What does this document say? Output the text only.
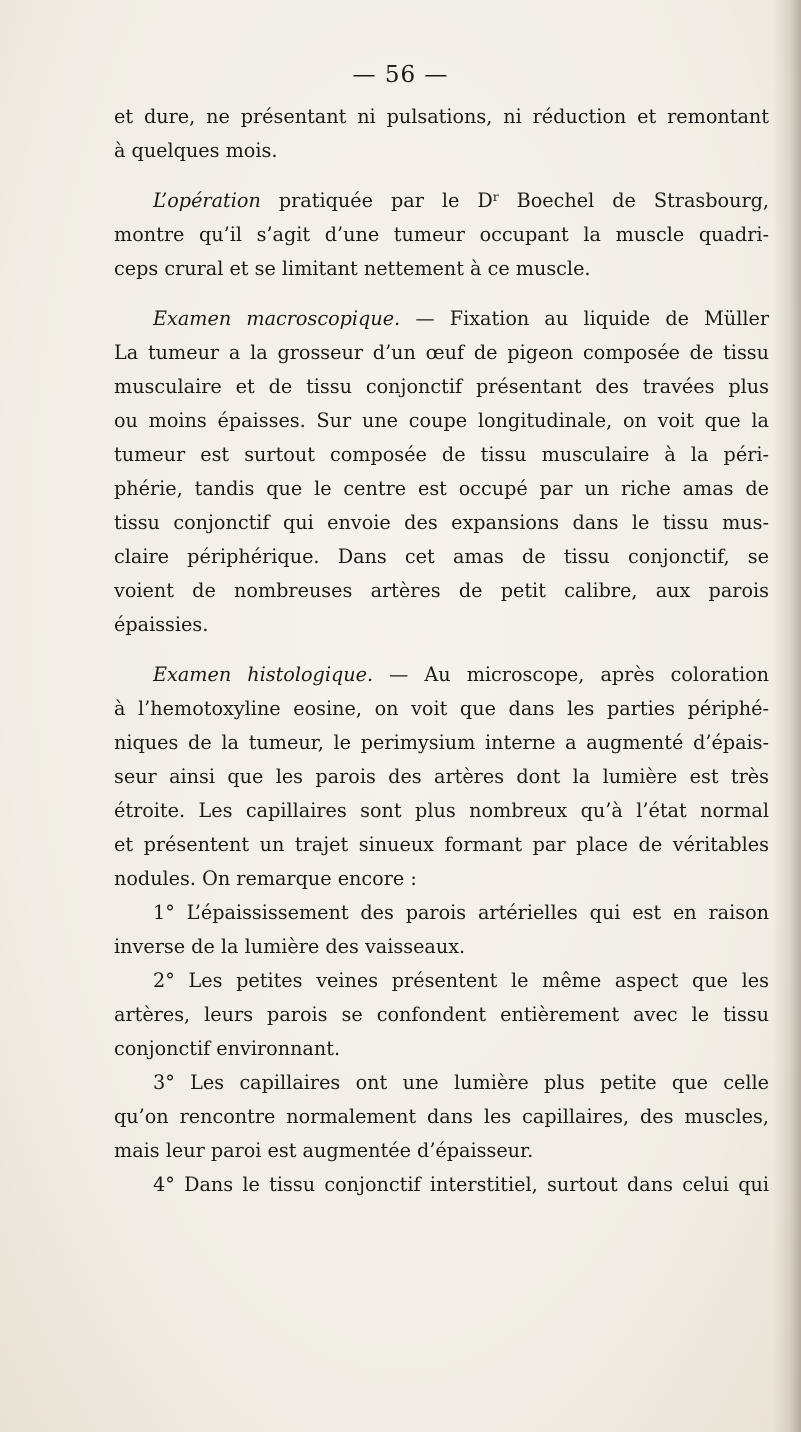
— 56 —
et dure, ne présentant ni pulsations, ni réduction et remontant
à quelques mois.
L’opération pratiquée par le $D^r$ Boechel de Strasbourg,
montre qu’il s’agit d’une tumeur occupant la muscle quadri-
ceps crural et se limitant nettement à ce muscle.
Examen macroscopique. — Fixation au liquide de Müller
La tumeur a la grosseur d’un œuf de pigeon composée de tissu
musculaire et de tissu conjonctif présentant des travées plus
ou moins épaisses. Sur une coupe longitudinale, on voit que la
tumeur est surtout composée de tissu musculaire à la péri-
phérie, tandis que le centre est occupé par un riche amas de
tissu conjonctif qui envoie des expansions dans le tissu mus-
claire périphérique. Dans cet amas de tissu conjonctif, se
voient de nombreuses artères de petit calibre, aux parois
épaissies.
Examen histologique. — Au microscope, après coloration
à l’hemotoxyline eosine, on voit que dans les parties périphé-
niques de la tumeur, le perimysium interne a augmenté d’épais-
seur ainsi que les parois des artères dont la lumière est très
étroite. Les capillaires sont plus nombreux qu’à l’état normal
et présentent un trajet sinueux formant par place de véritables
nodules. On remarque encore :
1° L’épaississement des parois artérielles qui est en raison
inverse de la lumière des vaisseaux.
2° Les petites veines présentent le même aspect que les
artères, leurs parois se confondent entièrement avec le tissu
conjonctif environnant.
3° Les capillaires ont une lumière plus petite que celle
qu’on rencontre normalement dans les capillaires, des muscles,
mais leur paroi est augmentée d’épaisseur.
4° Dans le tissu conjonctif interstitiel, surtout dans celui qui
